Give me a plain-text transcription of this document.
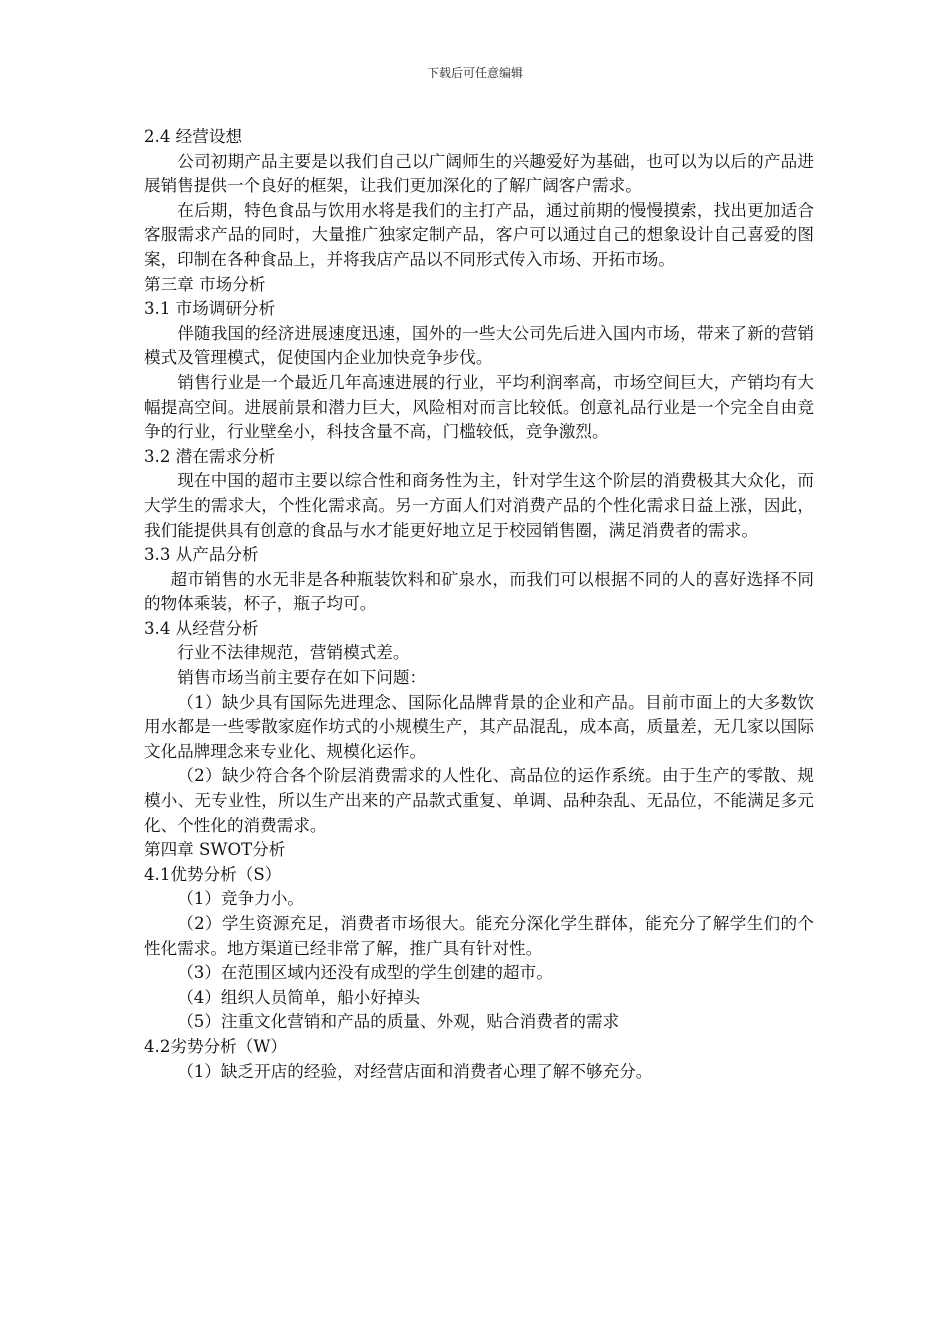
下载后可任意编辑

2.4 经营设想

公司初期产品主要是以我们自己以广阔师生的兴趣爱好为基础，也可以为以后的产品进展销售提供一个良好的框架，让我们更加深化的了解广阔客户需求。

在后期，特色食品与饮用水将是我们的主打产品，通过前期的慢慢摸索，找出更加适合客服需求产品的同时，大量推广独家定制产品，客户可以通过自己的想象设计自己喜爱的图案，印制在各种食品上，并将我店产品以不同形式传入市场、开拓市场。

第三章 市场分析

3.1 市场调研分析

伴随我国的经济进展速度迅速，国外的一些大公司先后进入国内市场，带来了新的营销模式及管理模式，促使国内企业加快竞争步伐。

销售行业是一个最近几年高速进展的行业，平均利润率高，市场空间巨大，产销均有大幅提高空间。进展前景和潜力巨大，风险相对而言比较低。创意礼品行业是一个完全自由竞争的行业，行业壁垒小，科技含量不高，门槛较低，竞争激烈。

3.2 潜在需求分析

现在中国的超市主要以综合性和商务性为主，针对学生这个阶层的消费极其大众化，而大学生的需求大，个性化需求高。另一方面人们对消费产品的个性化需求日益上涨，因此，我们能提供具有创意的食品与水才能更好地立足于校园销售圈，满足消费者的需求。

3.3 从产品分析

超市销售的水无非是各种瓶装饮料和矿泉水，而我们可以根据不同的人的喜好选择不同的物体乘装，杯子，瓶子均可。

3.4 从经营分析

行业不法律规范，营销模式差。

销售市场当前主要存在如下问题：

（1）缺少具有国际先进理念、国际化品牌背景的企业和产品。目前市面上的大多数饮用水都是一些零散家庭作坊式的小规模生产，其产品混乱，成本高，质量差，无几家以国际文化品牌理念来专业化、规模化运作。

（2）缺少符合各个阶层消费需求的人性化、高品位的运作系统。由于生产的零散、规模小、无专业性，所以生产出来的产品款式重复、单调、品种杂乱、无品位，不能满足多元化、个性化的消费需求。

第四章 SWOT分析

4.1优势分析（S）

（1）竞争力小。

（2）学生资源充足，消费者市场很大。能充分深化学生群体，能充分了解学生们的个性化需求。地方渠道已经非常了解，推广具有针对性。

（3）在范围区域内还没有成型的学生创建的超市。

（4）组织人员简单，船小好掉头

（5）注重文化营销和产品的质量、外观，贴合消费者的需求

4.2劣势分析（W）

（1）缺乏开店的经验，对经营店面和消费者心理了解不够充分。
